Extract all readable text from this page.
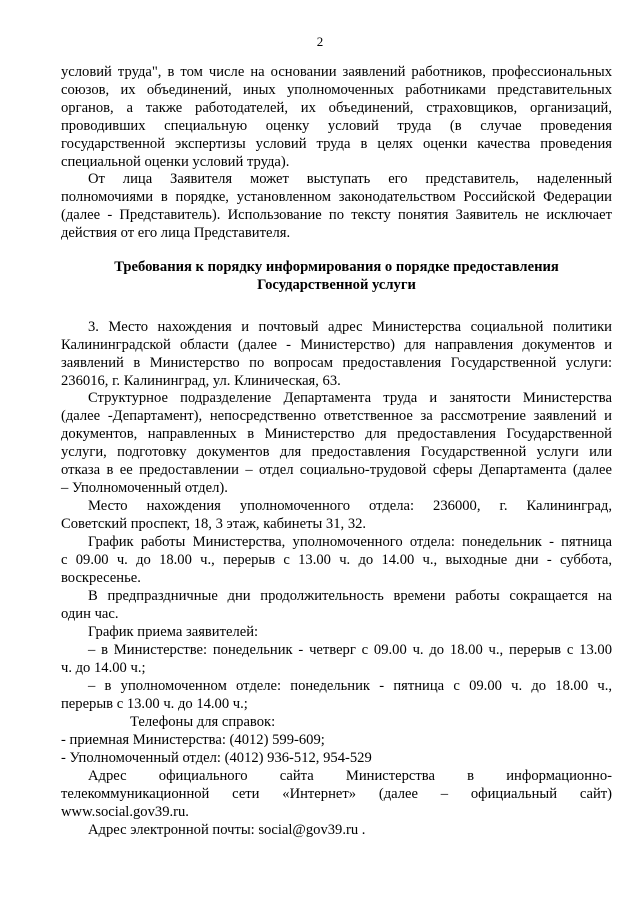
2
условий труда", в том числе на основании заявлений работников, профессиональных
союзов, их объединений, иных уполномоченных работниками представительных
органов, а также работодателей, их объединений, страховщиков, организаций,
проводивших специальную оценку условий труда (в случае проведения
государственной экспертизы условий труда в целях оценки качества проведения
специальной оценки условий труда).
От лица Заявителя может выступать его представитель, наделенный
полномочиями в порядке, установленном законодательством Российской Федерации
(далее - Представитель). Использование по тексту понятия Заявитель не исключает
действия от его лица Представителя.
Требования к порядку информирования о порядке предоставления
Государственной услуги
3. Место нахождения и почтовый адрес Министерства социальной политики
Калининградской области (далее - Министерство) для направления документов и
заявлений в Министерство по вопросам предоставления Государственной услуги:
236016, г. Калининград, ул. Клиническая, 63.
Структурное подразделение Департамента труда и занятости Министерства
(далее -Департамент), непосредственно ответственное за рассмотрение заявлений и
документов, направленных в Министерство для предоставления Государственной
услуги, подготовку документов для предоставления Государственной услуги или
отказа в ее предоставлении – отдел социально-трудовой сферы Департамента (далее
– Уполномоченный отдел).
Место нахождения уполномоченного отдела: 236000, г. Калининград,
Советский проспект, 18, 3 этаж, кабинеты 31, 32.
График работы Министерства, уполномоченного отдела: понедельник - пятница
с 09.00 ч. до 18.00 ч., перерыв с 13.00 ч. до 14.00 ч., выходные дни - суббота,
воскресенье.
В предпраздничные дни продолжительность времени работы сокращается на
один час.
График приема заявителей:
– в Министерстве: понедельник - четверг с 09.00 ч. до 18.00 ч., перерыв с 13.00
ч. до 14.00 ч.;
– в уполномоченном отделе: понедельник - пятница с 09.00 ч. до 18.00 ч.,
перерыв с 13.00 ч. до 14.00 ч.;
Телефоны для справок:
- приемная Министерства: (4012) 599-609;
- Уполномоченный отдел: (4012) 936-512, 954-529
Адрес официального сайта Министерства в информационно-
телекоммуникационной сети «Интернет» (далее – официальный сайт)
www.social.gov39.ru.
Адрес электронной почты: social@gov39.ru .
